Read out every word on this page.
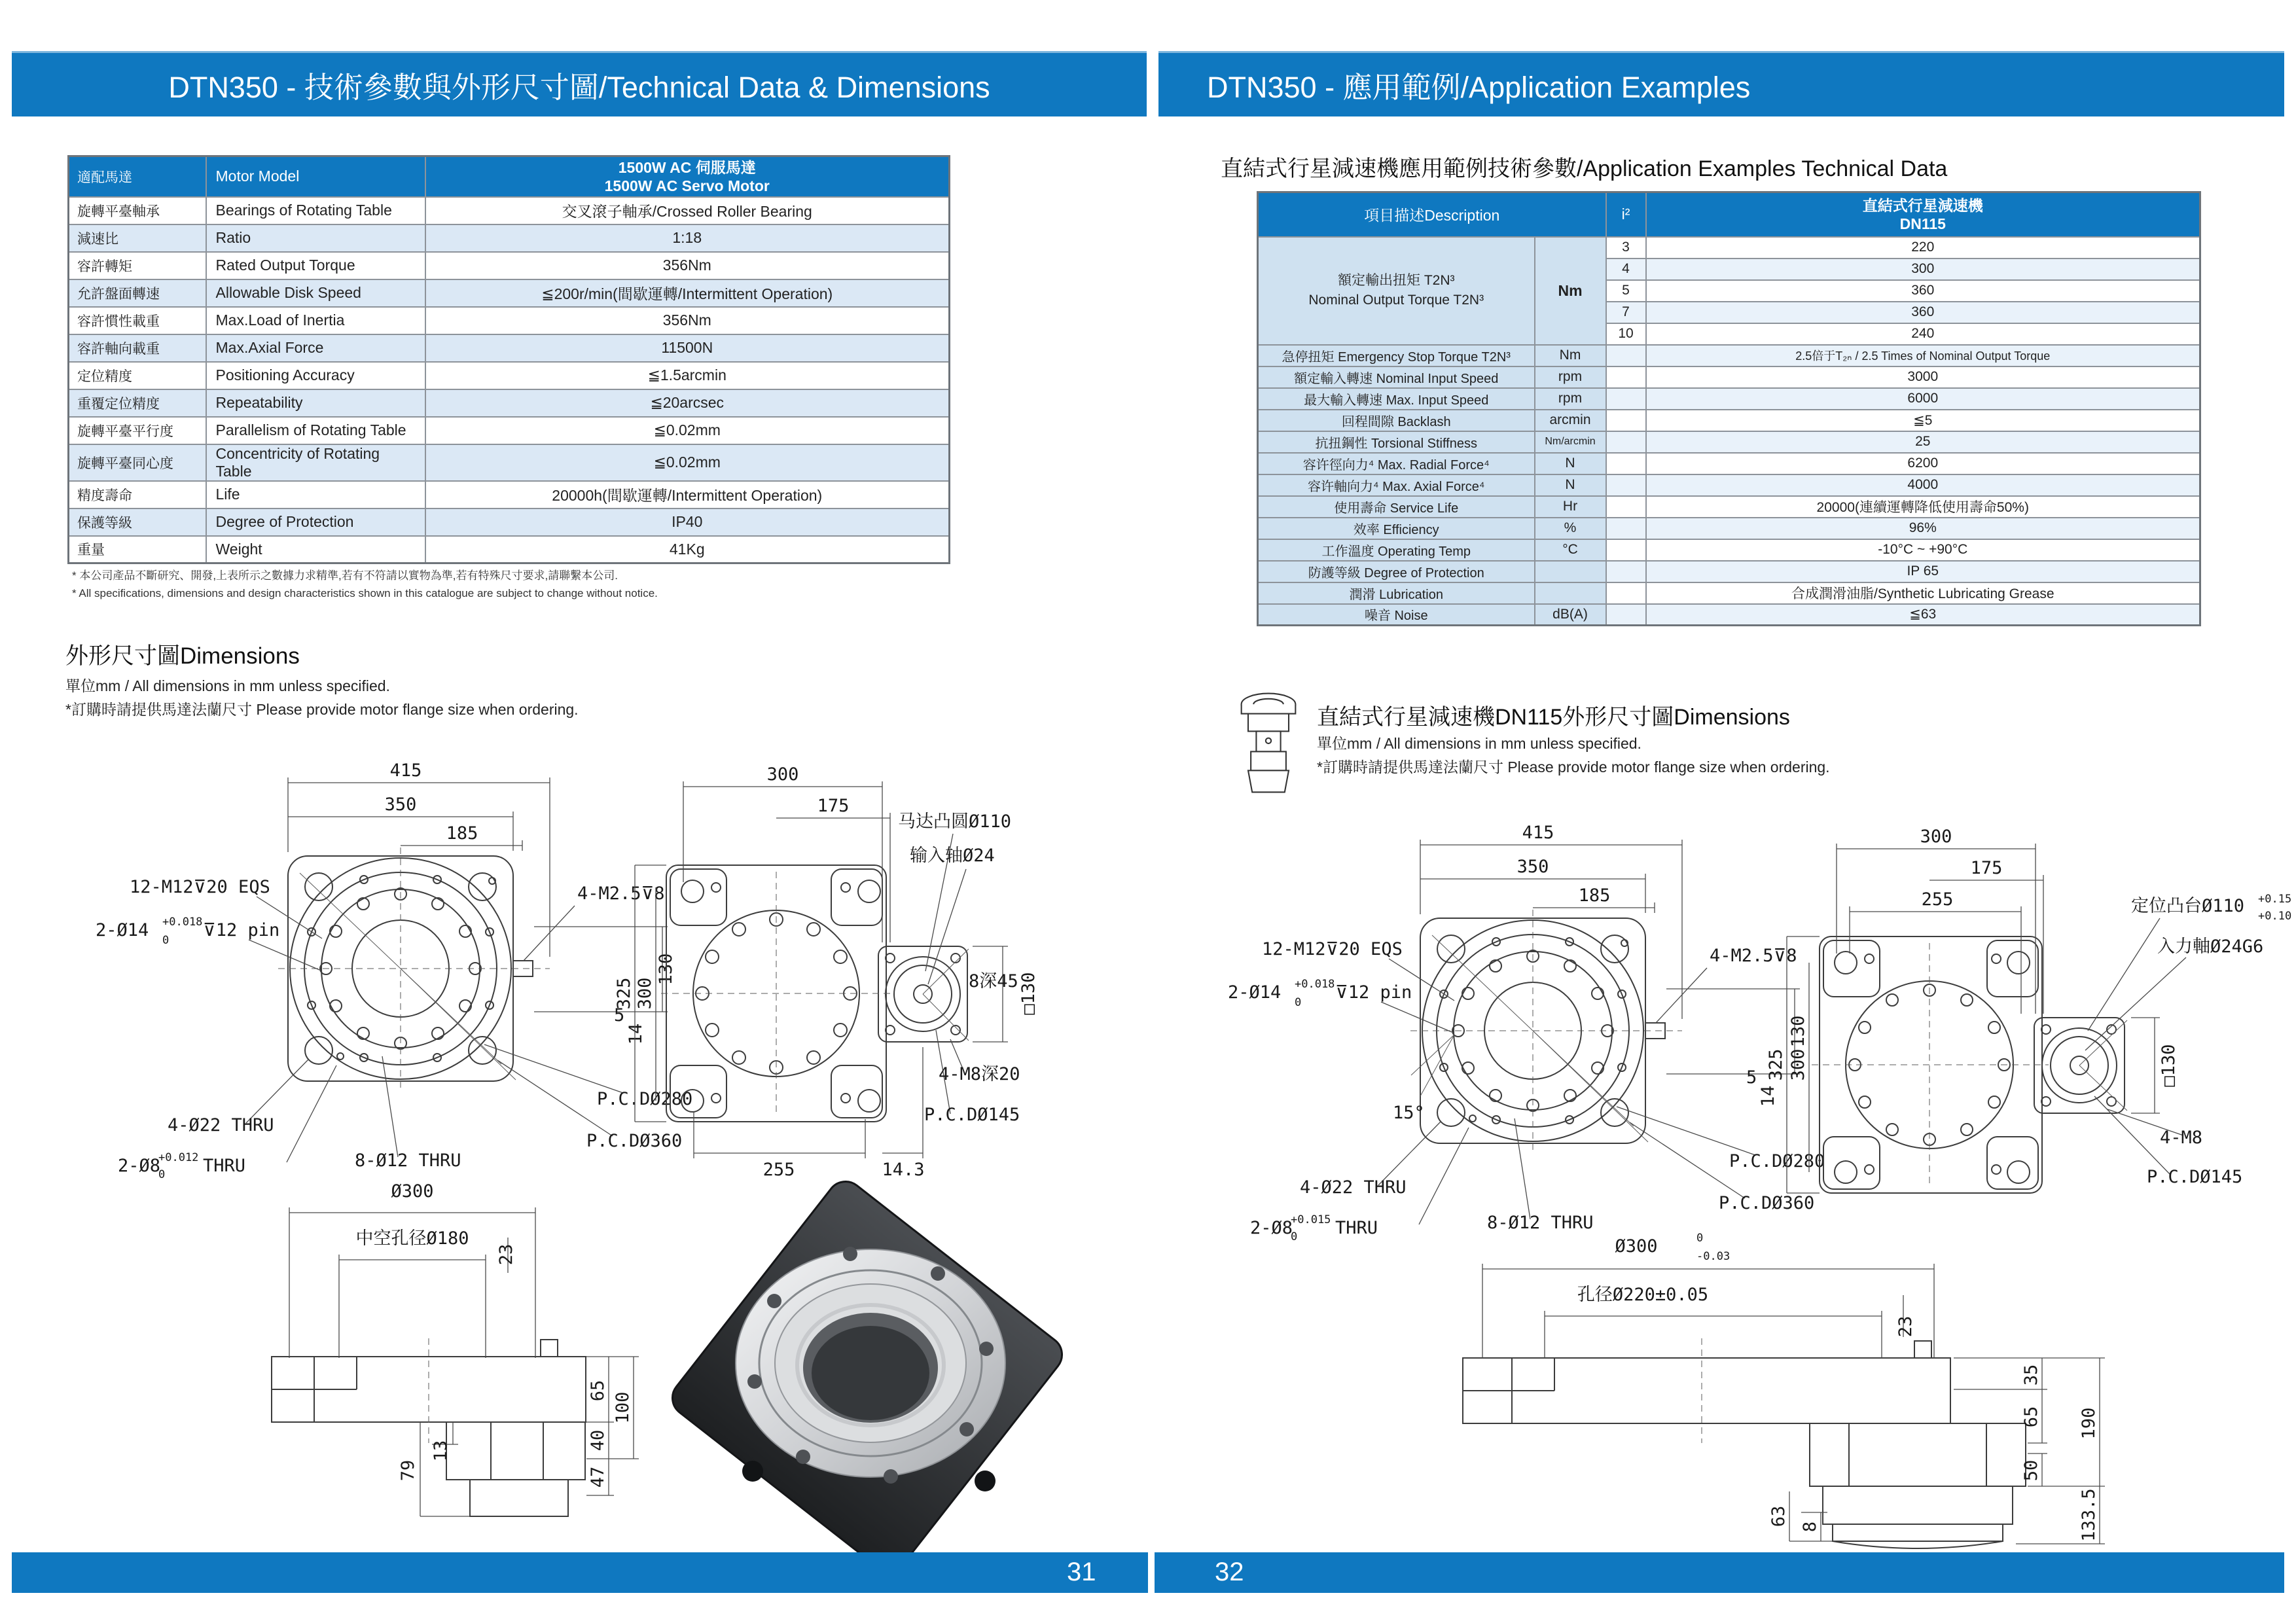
DTN350 - 技術參數與外形尺寸圖/Technical Data & Dimensions	DTN350 - 應用範例/Application Examples
適配馬達	Motor Model	1500W AC 伺服馬達
1500W AC Servo Motor

旋轉平臺軸承	Bearings of Rotating Table	交叉滾子軸承/Crossed Roller Bearing
減速比	Ratio	1:18
容許轉矩	Rated Output Torque	356Nm
允許盤面轉速	Allowable Disk Speed	≦200r/min(間歇運轉/Intermittent Operation)
容許慣性載重	Max.Load of Inertia	356Nm
容許軸向載重	Max.Axial Force	11500N
定位精度	Positioning Accuracy	≦1.5arcmin
重覆定位精度	Repeatability	≦20arcsec
旋轉平臺平行度	Parallelism of Rotating Table	≦0.02mm
旋轉平臺同心度	Concentricity of Rotating Table	≦0.02mm
精度壽命	Life	20000h(間歇運轉/Intermittent Operation)
保護等級	Degree of Protection	IP40
重量	Weight	41Kg
* 本公司產品不斷研究、開發,上表所示之數據力求精準,若有不符請以實物為準,若有特殊尺寸要求,請聯繫本公司.
* All specifications, dimensions and design characteristics shown in this catalogue are subject to change without notice.
外形尺寸圖Dimensions
單位mm / All dimensions in mm unless specified.
*訂購時請提供馬達法蘭尺寸 Please provide motor flange size when ordering.
415
350
185
12-M12⊽20 EQS
2-Ø14 +0.018
0 ⊽12 pin
4-M2.5⊽8
5
14
130
P.C.DØ280
P.C.DØ360
4-Ø22 THRU
2-Ø8
+0.012
0 THRU	8-Ø12 THRU
300
175
325 300
255	14.3
马达凸圆Ø110
输入轴Ø24
8深45 □130
4-M8深20
P.C.DØ145
Ø300
中空孔径Ø180
23
65
100
40
47
79
13
直結式行星減速機應用範例技術參數/Application Examples Technical Data
項目描述Description		i²	直結式行星減速機
DN115

額定輸出扭矩 T2N³
Nominal Output Torque T2N³	Nm	3	220
		4	300
		5	360
		7	360
		10	240
急停扭矩 Emergency Stop Torque T2N³	Nm		2.5倍于T₂ₙ / 2.5 Times of Nominal Output Torque
額定輸入轉速 Nominal Input Speed	rpm		3000
最大輸入轉速 Max. Input Speed	rpm		6000
回程間隙 Backlash	arcmin		≦5
抗扭鋼性 Torsional Stiffness	Nm/arcmin		25
容许徑向力⁴ Max. Radial Force⁴	N		6200
容许軸向力⁴ Max. Axial Force⁴	N		4000
使用壽命 Service Life	Hr		20000(連續運轉降低使用壽命50%)
效率 Efficiency	%		96%
工作溫度 Operating Temp	°C		-10°C ~ +90°C
防護等級 Degree of Protection			IP 65
潤滑 Lubrication			合成潤滑油脂/Synthetic Lubricating Grease
噪音 Noise	dB(A)		≦63
直結式行星減速機DN115外形尺寸圖Dimensions
單位mm / All dimensions in mm unless specified.
*訂購時請提供馬達法蘭尺寸 Please provide motor flange size when ordering.
415
350
185
12-M12⊽20 EQS
2-Ø14 +0.018
0 ⊽12 pin
4-M2.5⊽8
15°
5
14
130
P.C.DØ280
P.C.DØ360
4-Ø22 THRU
2-Ø8
+0.015
0 THRU	8-Ø12 THRU
300
175
255
325 300
定位凸台Ø110 +0.15
+0.10
入力軸Ø24G6
□130
4-M8
P.C.DØ145
Ø300	0
-0.03
孔径Ø220±0.05
23
35
65 190
50
133.5
63 8
31	32
